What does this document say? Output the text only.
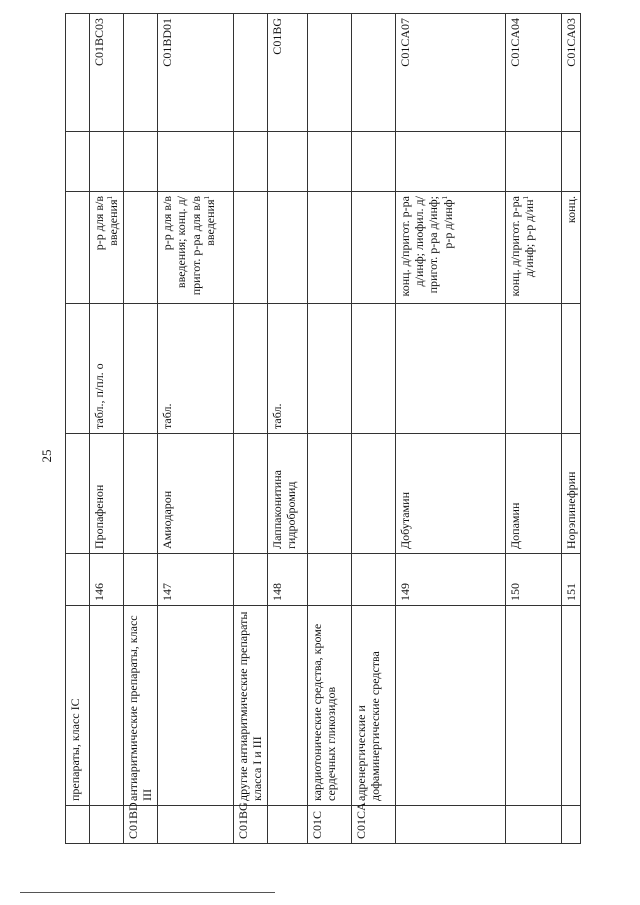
25
	препараты, класс IC						
		146	Пропафенон	табл., п/пл. о	р-р для в/в введения$^1$		C01BC03
C01BD	антиаритмические препараты, класс III						
		147	Амиодарон	табл.	р-р для в/в введения; конц. д/пригот. р-ра для в/в введения$^1$		C01BD01
C01BG	другие антиаритмические препараты класса I и III						
		148	Лаппаконитина гидробромид	табл.			C01BG
C01C	кардиотонические средства, кроме сердечных гликозидов						
C01CA	адренергические и дофаминергические средства						
		149	Добутамин		конц. д/пригот. р-ра д/инф; лиофил. д/пригот. р-ра д/инф; р-р д/инф$^1$		C01CA07
		150	Допамин		конц. д/пригот. р-ра д/инф; р-р $д/ин^1$		C01CA04
		151	Норэпинефрин		конц.		C01CA03
